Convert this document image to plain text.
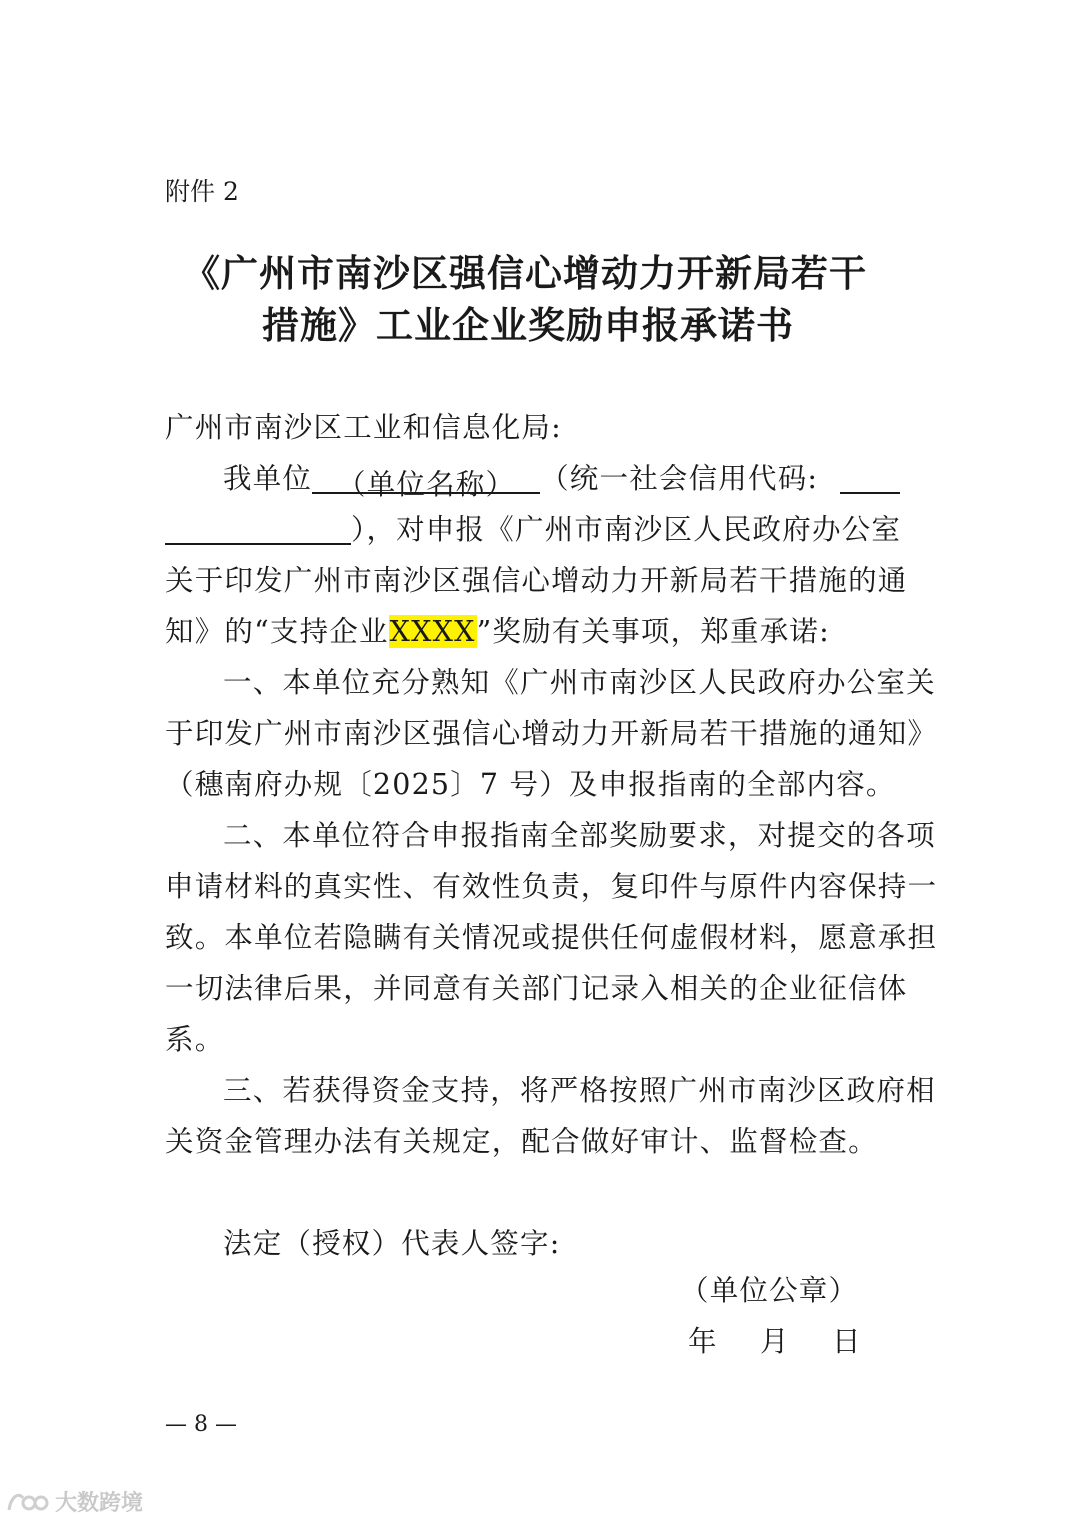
附件 2
《广州市南沙区强信心增动力开新局若干
措施》工业企业奖励申报承诺书
广州市南沙区工业和信息化局:
我单位 （单位名称） （统一社会信用代码:
），对申报《广州市南沙区人民政府办公室
关于印发广州市南沙区强信心增动力开新局若干措施的通
知》的“支持企业XXXX”奖励有关事项，郑重承诺:
一、本单位充分熟知《广州市南沙区人民政府办公室关
于印发广州市南沙区强信心增动力开新局若干措施的通知》
（穗南府办规〔2025〕7 号）及申报指南的全部内容。
二、本单位符合申报指南全部奖励要求，对提交的各项
申请材料的真实性、有效性负责，复印件与原件内容保持一
致。本单位若隐瞒有关情况或提供任何虚假材料，愿意承担
一切法律后果，并同意有关部门记录入相关的企业征信体
系。
三、若获得资金支持，将严格按照广州市南沙区政府相
关资金管理办法有关规定，配合做好审计、监督检查。
法定（授权）代表人签字:
（单位公章）
年 月 日
— 8 —
大数跨境
